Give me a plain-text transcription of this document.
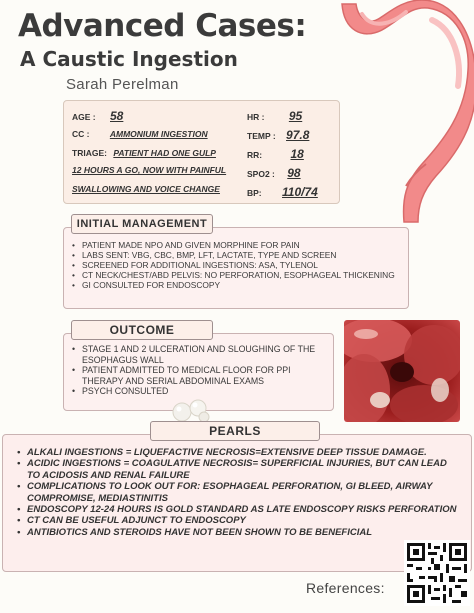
Advanced Cases:
A Caustic Ingestion
Sarah Perelman
AGE : 58
CC : AMMONIUM INGESTION
TRIAGE: PATIENT HAD ONE GULP
12 HOURS A GO, NOW WITH PAINFUL
SWALLOWING AND VOICE CHANGE
HR : 95
TEMP : 97.8
RR: 18
SPO2 : 98
BP: 110/74
• PATIENT MADE NPO AND GIVEN MORPHINE FOR PAIN
• LABS SENT: VBG, CBC, BMP, LFT, LACTATE, TYPE AND SCREEN
• SCREENED FOR ADDITIONAL INGESTIONS: ASA, TYLENOL
• CT NECK/CHEST/ABD PELVIS: NO PERFORATION, ESOPHAGEAL THICKENING
• GI CONSULTED FOR ENDOSCOPY
INITIAL MANAGEMENT
• STAGE 1 AND 2 ULCERATION AND SLOUGHING OF THE ESOPHAGUS WALL
• PATIENT ADMITTED TO MEDICAL FLOOR FOR PPI THERAPY AND SERIAL ABDOMINAL EXAMS
• PSYCH CONSULTED
OUTCOME
• ALKALI INGESTIONS = LIQUEFACTIVE NECROSIS=EXTENSIVE DEEP TISSUE DAMAGE.
• ACIDIC INGESTIONS = COAGULATIVE NECROSIS= SUPERFICIAL INJURIES, BUT CAN LEAD TO ACIDOSIS AND RENAL FAILURE
• COMPLICATIONS TO LOOK OUT FOR: ESOPHAGEAL PERFORATION, GI BLEED, AIRWAY COMPROMISE, MEDIASTINITIS
• ENDOSCOPY 12-24 HOURS IS GOLD STANDARD AS LATE ENDOSCOPY RISKS PERFORATION
• CT CAN BE USEFUL ADJUNCT TO ENDOSCOPY
• ANTIBIOTICS AND STEROIDS HAVE NOT BEEN SHOWN TO BE BENEFICIAL
PEARLS
References:
